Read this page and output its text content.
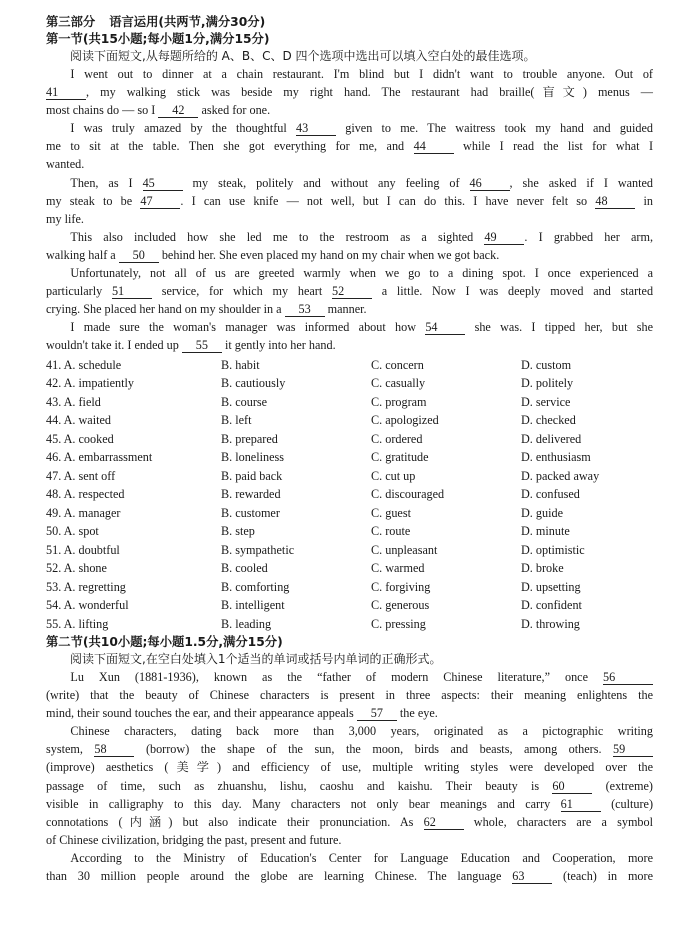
第三部分 语言运用(共两节,满分30分)
第一节(共15小题;每小题1分,满分15分)
阅读下面短文,从每题所给的 A、B、C、D 四个选项中选出可以填入空白处的最佳选项。

I went out to dinner at a chain restaurant. I'm blind but I didn't want to trouble anyone. Out of

41 , my walking stick was beside my right hand. The restaurant had braille(盲文) menus —

most chains do — so I 42 asked for one.

I was truly amazed by the thoughtful 43	given to me. The waitress took my hand and guided

me to sit at the table. Then she got everything for me, and 44	while I read the list for what I

wanted.

Then, as I 45	my steak, politely and without any feeling of 46 , she asked if I wanted

my steak to be 47 . I can use knife — not well, but I can do this. I have never felt so 48	in

my life.

This also included how she led me to the restroom as a sighted 49 . I grabbed her arm,

walking half a 50 behind her. She even placed my hand on my chair when we got back.

Unfortunately, not all of us are greeted warmly when we go to a dining spot. I once experienced a

particularly 51	service, for which my heart 52	a little. Now I was deeply moved and started

crying. She placed her hand on my shoulder in a 53 manner.

I made sure the woman's manager was informed about how 54	she was. I tipped her, but she

wouldn't take it. I ended up 55 it gently into her hand.

41. A. schedule	B. habit	C. concern	D. custom
42. A. impatiently	B. cautiously	C. casually	D. politely
43. A. field	B. course	C. program	D. service
44. A. waited	B. left	C. apologized	D. checked
45. A. cooked	B. prepared	C. ordered	D. delivered
46. A. embarrassment	B. loneliness	C. gratitude	D. enthusiasm
47. A. sent off	B. paid back	C. cut up	D. packed away
48. A. respected	B. rewarded	C. discouraged	D. confused
49. A. manager	B. customer	C. guest	D. guide
50. A. spot	B. step	C. route	D. minute
51. A. doubtful	B. sympathetic	C. unpleasant	D. optimistic
52. A. shone	B. cooled	C. warmed	D. broke
53. A. regretting	B. comforting	C. forgiving	D. upsetting
54. A. wonderful	B. intelligent	C. generous	D. confident
55. A. lifting	B. leading	C. pressing	D. throwing
第二节(共10小题;每小题1.5分,满分15分)
阅读下面短文,在空白处填入1个适当的单词或括号内单词的正确形式。

Lu Xun (1881-1936), known as the “father of modern Chinese literature,” once 56

(write) that the beauty of Chinese characters is present in three aspects: their meaning enlightens the

mind, their sound touches the ear, and their appearance appeals 57 the eye.

Chinese characters, dating back more than 3,000 years, originated as a pictographic writing

system, 58	(borrow) the shape of the sun, the moon, birds and beasts, among others. 59

(improve) aesthetics (美学) and efficiency of use, multiple writing styles were developed over the

passage of time, such as zhuanshu, lishu, caoshu and kaishu. Their beauty is 60	(extreme)

visible in calligraphy to this day. Many characters not only bear meanings and carry 61	(culture)

connotations (内涵) but also indicate their pronunciation. As 62	whole, characters are a symbol

of Chinese civilization, bridging the past, present and future.

According to the Ministry of Education's Center for Language Education and Cooperation, more

than 30 million people around the globe are learning Chinese. The language 63	(teach) in more
